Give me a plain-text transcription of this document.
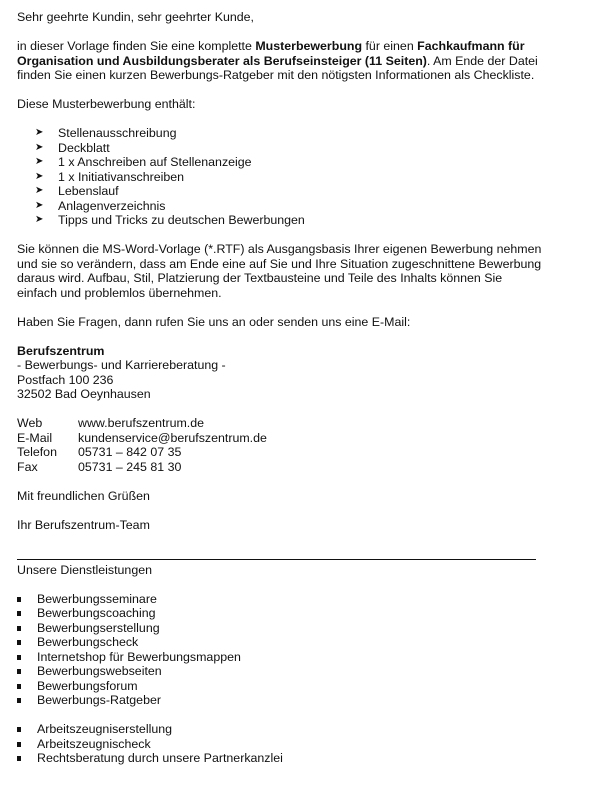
Sehr geehrte Kundin, sehr geehrter Kunde,

in dieser Vorlage finden Sie eine komplette Musterbewerbung für einen Fachkaufmann für Organisation und Ausbildungsberater als Berufseinsteiger (11 Seiten). Am Ende der Datei finden Sie einen kurzen Bewerbungs-Ratgeber mit den nötigsten Informationen als Checkliste.

Diese Musterbewerbung enthält:

➤ Stellenausschreibung
➤ Deckblatt
➤ 1 x Anschreiben auf Stellenanzeige
➤ 1 x Initiativanschreiben
➤ Lebenslauf
➤ Anlagenverzeichnis
➤ Tipps und Tricks zu deutschen Bewerbungen

Sie können die MS-Word-Vorlage (*.RTF) als Ausgangsbasis Ihrer eigenen Bewerbung nehmen und sie so verändern, dass am Ende eine auf Sie und Ihre Situation zugeschnittene Bewerbung daraus wird. Aufbau, Stil, Platzierung der Textbausteine und Teile des Inhalts können Sie einfach und problemlos übernehmen.

Haben Sie Fragen, dann rufen Sie uns an oder senden uns eine E-Mail:

Berufszentrum

- Bewerbungs- und Karriereberatung -

Postfach 100 236

32502 Bad Oeynhausen

Web	www.berufszentrum.de
E-Mail	kundenservice@berufszentrum.de
Telefon	05731 – 842 07 35
Fax	05731 – 245 81 30

Mit freundlichen Grüßen

Ihr Berufszentrum-Team

Unsere Dienstleistungen

Bewerbungsseminare
Bewerbungscoaching
Bewerbungserstellung
Bewerbungscheck
Internetshop für Bewerbungsmappen
Bewerbungswebseiten
Bewerbungsforum
Bewerbungs-Ratgeber
Arbeitszeugniserstellung
Arbeitszeugnischeck
Rechtsberatung durch unsere Partnerkanzlei
